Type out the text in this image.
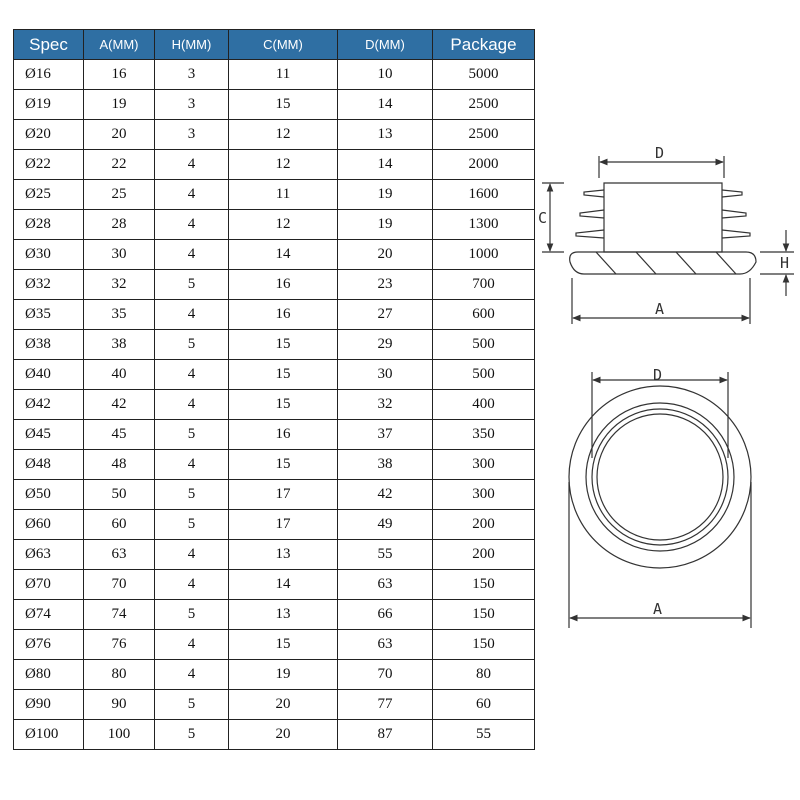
Spec	A(MM)	H(MM)	C(MM)	D(MM)	Package
Ø16	16	3	11	10	5000
Ø19	19	3	15	14	2500
Ø20	20	3	12	13	2500
Ø22	22	4	12	14	2000
Ø25	25	4	11	19	1600
Ø28	28	4	12	19	1300
Ø30	30	4	14	20	1000
Ø32	32	5	16	23	700
Ø35	35	4	16	27	600
Ø38	38	5	15	29	500
Ø40	40	4	15	30	500
Ø42	42	4	15	32	400
Ø45	45	5	16	37	350
Ø48	48	4	15	38	300
Ø50	50	5	17	42	300
Ø60	60	5	17	49	200
Ø63	63	4	13	55	200
Ø70	70	4	14	63	150
Ø74	74	5	13	66	150
Ø76	76	4	15	63	150
Ø80	80	4	19	70	80
Ø90	90	5	20	77	60
Ø100	100	5	20	87	55
D
C
H
A
D
A
